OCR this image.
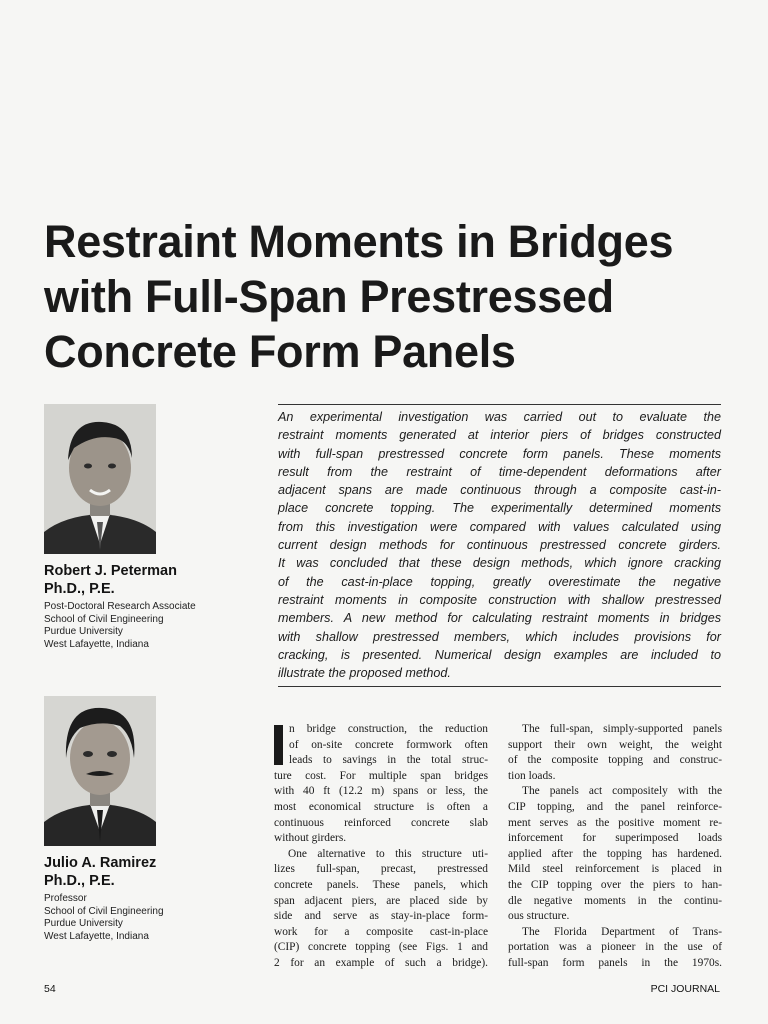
Restraint Moments in Bridges
with Full-Span Prestressed
Concrete Form Panels
Robert J. Peterman
Ph.D., P.E.
Post-Doctoral Research Associate
School of Civil Engineering
Purdue University
West Lafayette, Indiana
Julio A. Ramirez
Ph.D., P.E.
Professor
School of Civil Engineering
Purdue University
West Lafayette, Indiana
An experimental investigation was carried out to evaluate the
restraint moments generated at interior piers of bridges constructed
with full-span prestressed concrete form panels. These moments
result from the restraint of time-dependent deformations after
adjacent spans are made continuous through a composite cast-in-
place concrete topping. The experimentally determined moments
from this investigation were compared with values calculated using
current design methods for continuous prestressed concrete girders.
It was concluded that these design methods, which ignore cracking
of the cast-in-place topping, greatly overestimate the negative
restraint moments in composite construction with shallow prestressed
members. A new method for calculating restraint moments in bridges
with shallow prestressed members, which includes provisions for
cracking, is presented. Numerical design examples are included to
illustrate the proposed method.
n bridge construction, the reduction
of on-site concrete formwork often
leads to savings in the total struc-
ture cost. For multiple span bridges
with 40 ft (12.2 m) spans or less, the
most economical structure is often a
continuous reinforced concrete slab
without girders.
One alternative to this structure uti-
lizes full-span, precast, prestressed
concrete panels. These panels, which
span adjacent piers, are placed side by
side and serve as stay-in-place form-
work for a composite cast-in-place
(CIP) concrete topping (see Figs. 1 and
2 for an example of such a bridge).
The full-span, simply-supported panels
support their own weight, the weight
of the composite topping and construc-
tion loads.
The panels act compositely with the
CIP topping, and the panel reinforce-
ment serves as the positive moment re-
inforcement for superimposed loads
applied after the topping has hardened.
Mild steel reinforcement is placed in
the CIP topping over the piers to han-
dle negative moments in the continu-
ous structure.
The Florida Department of Trans-
portation was a pioneer in the use of
full-span form panels in the 1970s.
54	PCI JOURNAL
